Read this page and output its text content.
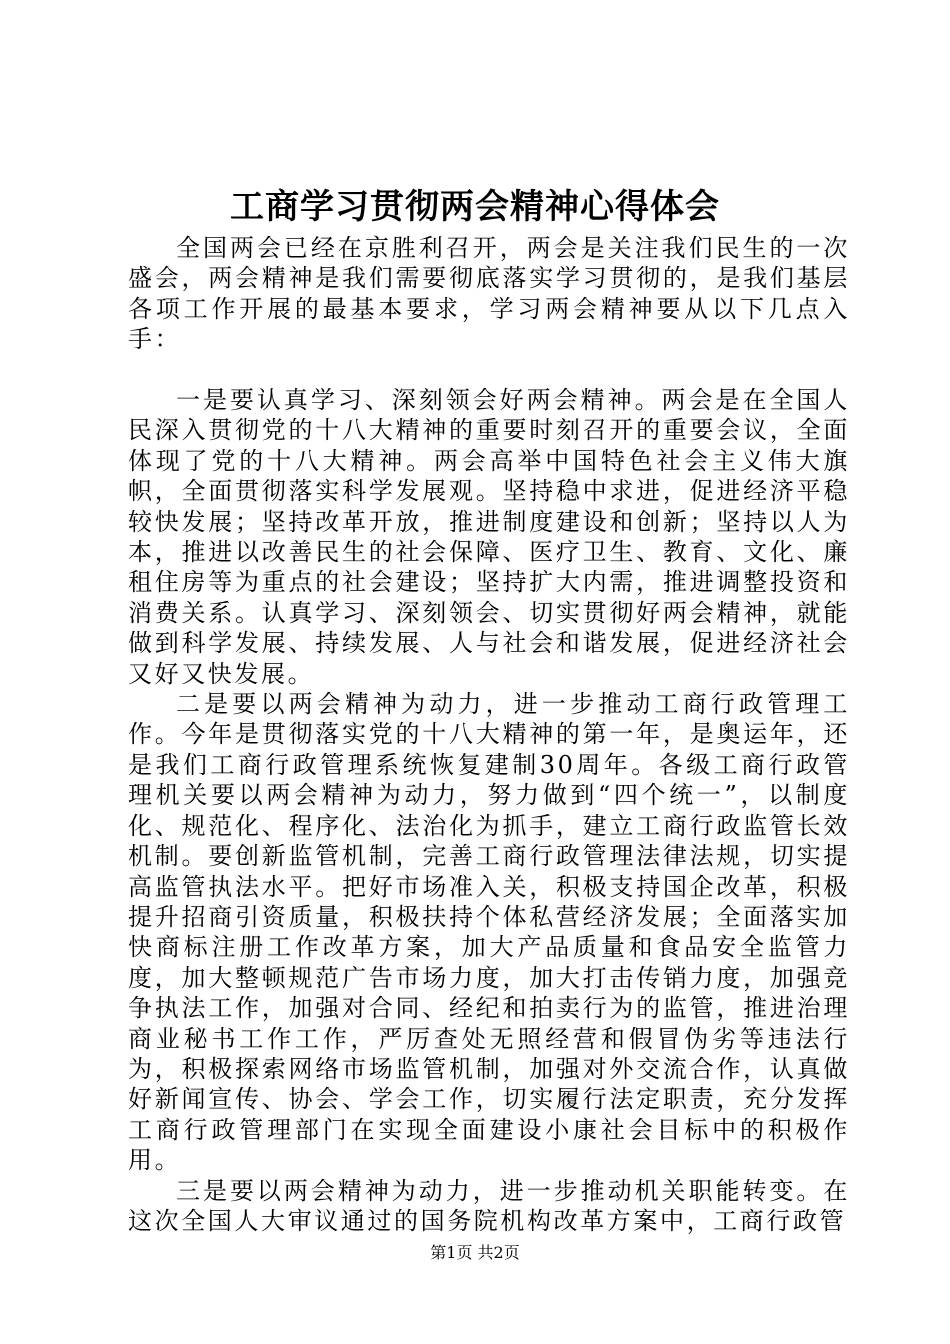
工商学习贯彻两会精神心得体会

全国两会已经在京胜利召开，两会是关注我们民生的一次盛会，两会精神是我们需要彻底落实学习贯彻的，是我们基层各项工作开展的最基本要求，学习两会精神要从以下几点入手：

一是要认真学习、深刻领会好两会精神。两会是在全国人民深入贯彻党的十八大精神的重要时刻召开的重要会议，全面体现了党的十八大精神。两会高举中国特色社会主义伟大旗帜，全面贯彻落实科学发展观。坚持稳中求进，促进经济平稳较快发展；坚持改革开放，推进制度建设和创新；坚持以人为本，推进以改善民生的社会保障、医疗卫生、教育、文化、廉租住房等为重点的社会建设；坚持扩大内需，推进调整投资和消费关系。认真学习、深刻领会、切实贯彻好两会精神，就能做到科学发展、持续发展、人与社会和谐发展，促进经济社会又好又快发展。

二是要以两会精神为动力，进一步推动工商行政管理工作。今年是贯彻落实党的十八大精神的第一年，是奥运年，还是我们工商行政管理系统恢复建制30周年。各级工商行政管理机关要以两会精神为动力，努力做到“四个统一”，以制度化、规范化、程序化、法治化为抓手，建立工商行政监管长效机制。要创新监管机制，完善工商行政管理法律法规，切实提高监管执法水平。把好市场准入关，积极支持国企改革，积极提升招商引资质量，积极扶持个体私营经济发展；全面落实加快商标注册工作改革方案，加大产品质量和食品安全监管力度，加大整顿规范广告市场力度，加大打击传销力度，加强竞争执法工作，加强对合同、经纪和拍卖行为的监管，推进治理商业秘书工作工作，严厉查处无照经营和假冒伪劣等违法行为，积极探索网络市场监管机制，加强对外交流合作，认真做好新闻宣传、协会、学会工作，切实履行法定职责，充分发挥工商行政管理部门在实现全面建设小康社会目标中的积极作用。

三是要以两会精神为动力，进一步推动机关职能转变。在这次全国人大审议通过的国务院机构改革方案中，工商行政管

第1页 共2页
